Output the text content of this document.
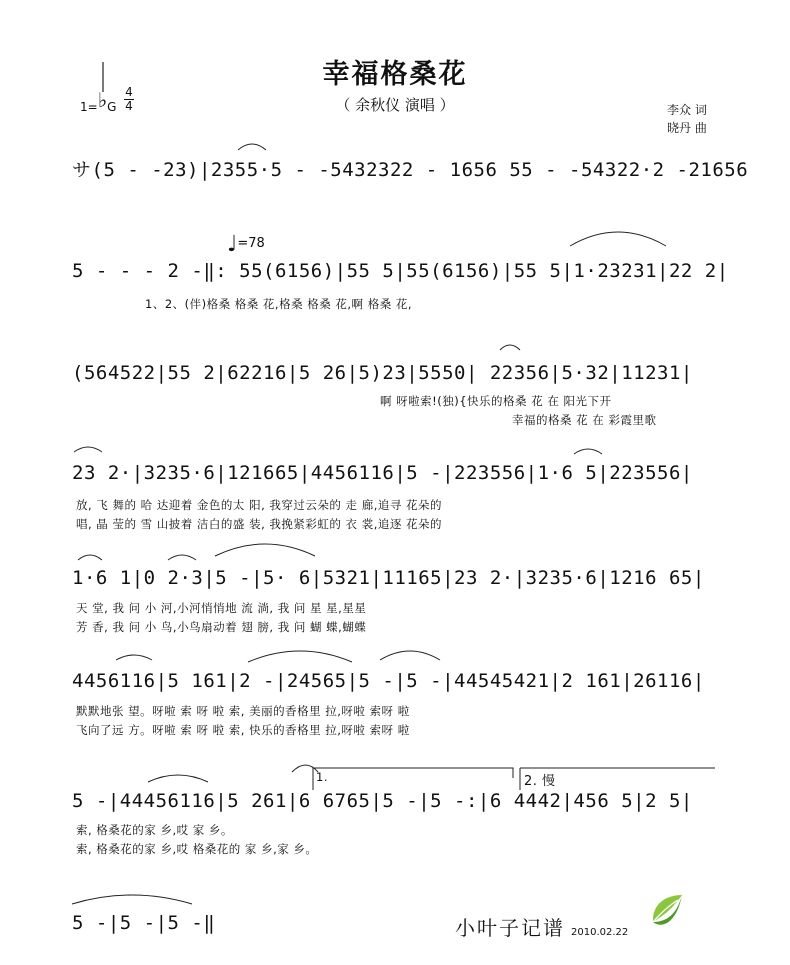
幸福格桑花
（ 余秋仪 演唱 ）	李众 词
晓丹 曲
1=♭G
4
4
♩=78
サ(5 - -23)|2355·5 - -5432322 - 1656 55 - -54322·2 -21656
5 - - - 2 -‖: 55(6156)|55 5|55(6156)|55 5|1·23231|22 2|
(564522|55 2|62216|5 26|5)23|5550| 22356|5·32|11231|
23 2·|3235·6|121665|4456116|5 -|223556|1·6 5|223556|
1·6 1|0 2·3|5 -|5· 6|5321|11165|23 2·|3235·6|1216 65|
4456116|5 161|2 -|24565|5 -|5 -|44545421|2 161|26116|
5 -|44456116|5 261|6 6765|5 -|5 -:|6 4442|456 5|2 5|
5 -|5 -|5 -‖
1、2、(伴)格桑 格桑 花,格桑 格桑 花,啊 格桑 花,
啊 呀啦索!(独){快乐的格桑 花 在 阳光下开
幸福的格桑 花 在 彩霞里歌
放, 飞 舞的 哈 达迎着 金色的太 阳, 我穿过云朵的 走 廊,追寻 花朵的
唱, 晶 莹的 雪 山披着 洁白的盛 装, 我挽紧彩虹的 衣 裳,追逐 花朵的
天 堂, 我 问 小 河,小河悄悄地 流 淌, 我 问 星 星,星星
芳 香, 我 问 小 鸟,小鸟扇动着 翅 膀, 我 问 蝴 蝶,蝴蝶
默默地张 望。呀啦 索 呀 啦 索, 美丽的香格里 拉,呀啦 索呀 啦
飞向了远 方。呀啦 索 呀 啦 索, 快乐的香格里 拉,呀啦 索呀 啦
索, 格桑花的家 乡,哎 家 乡。
索, 格桑花的家 乡,哎 格桑花的 家 乡,家 乡。
1.	2. 慢
小叶子记谱 2010.02.22
